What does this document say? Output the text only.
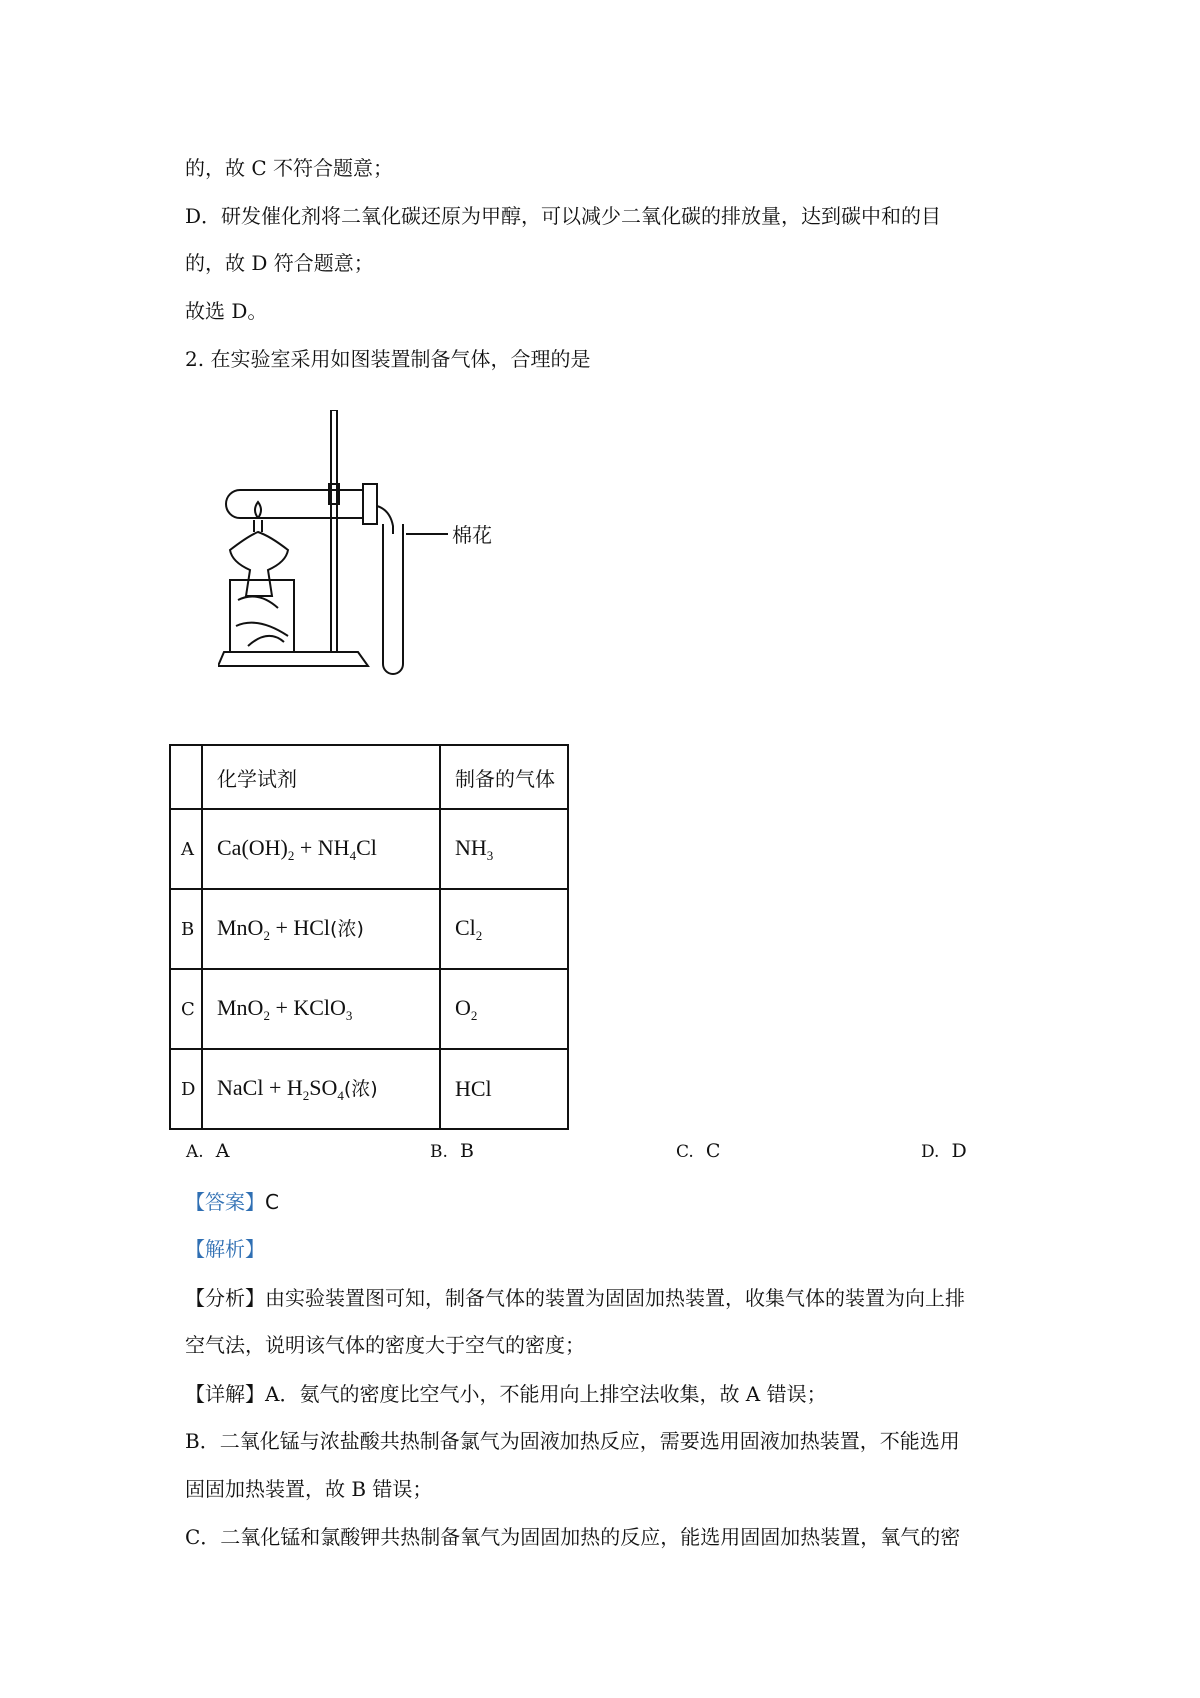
的，故 C 不符合题意；
D．研发催化剂将二氧化碳还原为甲醇，可以减少二氧化碳的排放量，达到碳中和的目
的，故 D 符合题意；
故选 D。
2. 在实验室采用如图装置制备气体，合理的是
棉花
	化学试剂	制备的气体
A	$Ca(OH)_2 + NH_4Cl$	$NH_3$
B	MnO$_2$ + HCl(浓)	$Cl_2$
C	MnO$_2$ + KClO$_3$	$O_2$
D	NaCl + $H_2SO_4$(浓)	HCl
A. A	B. B	C. C	D. D
【答案】C
【解析】
【分析】由实验装置图可知，制备气体的装置为固固加热装置，收集气体的装置为向上排
空气法，说明该气体的密度大于空气的密度；
【详解】A．氨气的密度比空气小，不能用向上排空法收集，故 A 错误；
B．二氧化锰与浓盐酸共热制备氯气为固液加热反应，需要选用固液加热装置，不能选用
固固加热装置，故 B 错误；
C．二氧化锰和氯酸钾共热制备氧气为固固加热的反应，能选用固固加热装置，氧气的密
